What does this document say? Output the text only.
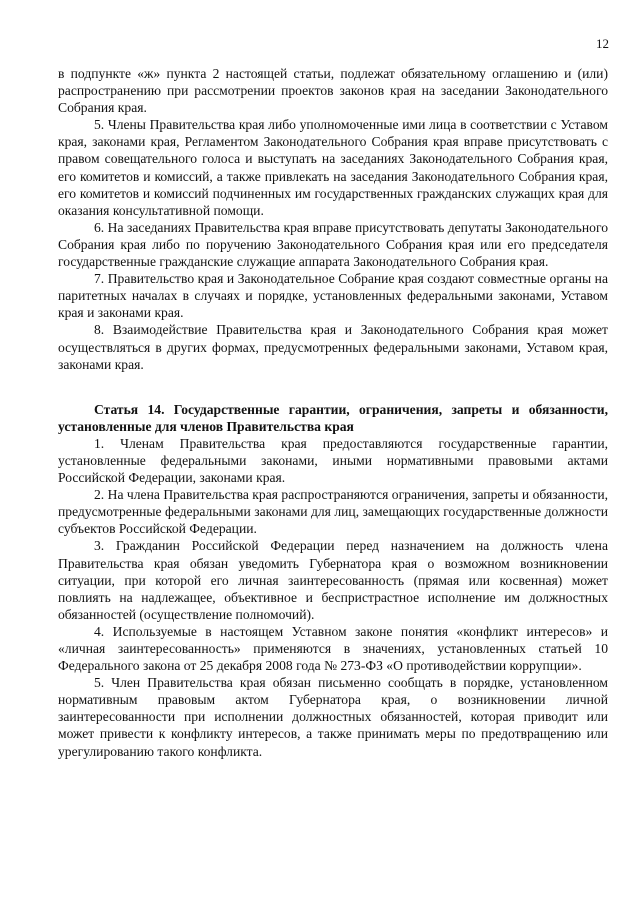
12

в подпункте «ж» пункта 2 настоящей статьи, подлежат обязательному оглашению и (или) распространению при рассмотрении проектов законов края на заседании Законодательного Собрания края.

5. Члены Правительства края либо уполномоченные ими лица в соответствии с Уставом края, законами края, Регламентом Законодательного Собрания края вправе присутствовать с правом совещательного голоса и выступать на заседаниях Законодательного Собрания края, его комитетов и комиссий, а также привлекать на заседания Законодательного Собрания края, его комитетов и комиссий подчиненных им государственных гражданских служащих края для оказания консультативной помощи.

6. На заседаниях Правительства края вправе присутствовать депутаты Законодательного Собрания края либо по поручению Законодательного Собрания края или его председателя государственные гражданские служащие аппарата Законодательного Собрания края.

7. Правительство края и Законодательное Собрание края создают совместные органы на паритетных началах в случаях и порядке, установленных федеральными законами, Уставом края и законами края.

8. Взаимодействие Правительства края и Законодательного Собрания края может осуществляться в других формах, предусмотренных федеральными законами, Уставом края, законами края.

Статья 14. Государственные гарантии, ограничения, запреты и обязанности, установленные для членов Правительства края

1. Членам Правительства края предоставляются государственные гарантии, установленные федеральными законами, иными нормативными правовыми актами Российской Федерации, законами края.

2. На члена Правительства края распространяются ограничения, запреты и обязанности, предусмотренные федеральными законами для лиц, замещающих государственные должности субъектов Российской Федерации.

3. Гражданин Российской Федерации перед назначением на должность члена Правительства края обязан уведомить Губернатора края о возможном возникновении ситуации, при которой его личная заинтересованность (прямая или косвенная) может повлиять на надлежащее, объективное и беспристрастное исполнение им должностных обязанностей (осуществление полномочий).

4. Используемые в настоящем Уставном законе понятия «конфликт интересов» и «личная заинтересованность» применяются в значениях, установленных статьей 10 Федерального закона от 25 декабря 2008 года № 273-ФЗ «О противодействии коррупции».

5. Член Правительства края обязан письменно сообщать в порядке, установленном нормативным правовым актом Губернатора края, о возникновении личной заинтересованности при исполнении должностных обязанностей, которая приводит или может привести к конфликту интересов, а также принимать меры по предотвращению или урегулированию такого конфликта.
